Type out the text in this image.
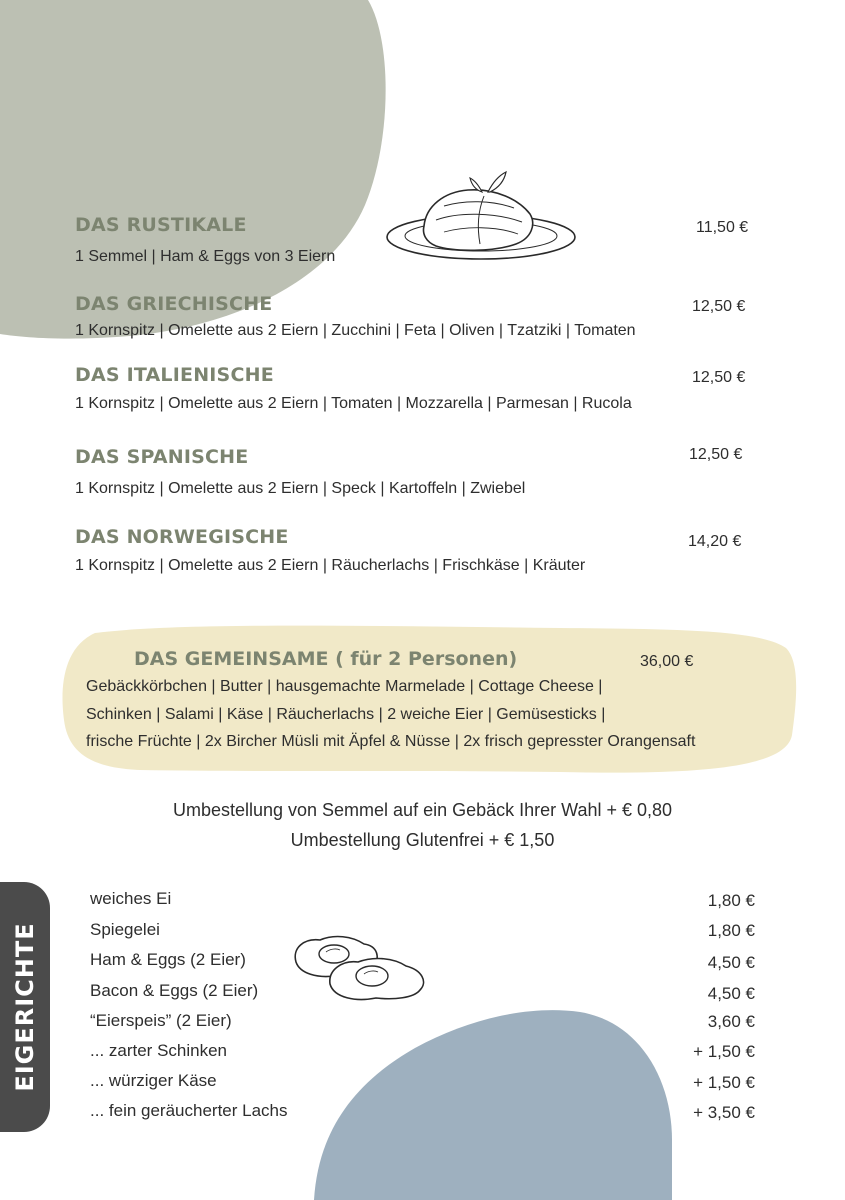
DAS RUSTIKALE	11,50 €
1 Semmel | Ham & Eggs von 3 Eiern
DAS GRIECHISCHE	12,50 €
1 Kornspitz | Omelette aus 2 Eiern | Zucchini | Feta | Oliven | Tzatziki | Tomaten
DAS ITALIENISCHE	12,50 €
1 Kornspitz | Omelette aus 2 Eiern | Tomaten | Mozzarella | Parmesan | Rucola
DAS SPANISCHE	12,50 €
1 Kornspitz | Omelette aus 2 Eiern | Speck | Kartoffeln | Zwiebel
DAS NORWEGISCHE	14,20 €
1 Kornspitz | Omelette aus 2 Eiern | Räucherlachs | Frischkäse | Kräuter
DAS GEMEINSAME ( für 2 Personen)	36,00 €
Gebäckkörbchen | Butter | hausgemachte Marmelade | Cottage Cheese |
Schinken | Salami | Käse | Räucherlachs | 2 weiche Eier | Gemüsesticks |
frische Früchte | 2x Bircher Müsli mit Äpfel & Nüsse | 2x frisch gepresster Orangensaft
Umbestellung von Semmel auf ein Gebäck Ihrer Wahl + € 0,80
Umbestellung Glutenfrei + € 1,50
EIGERICHTE
weiches Ei	1,80 €
Spiegelei	1,80 €
Ham & Eggs (2 Eier)	4,50 €
Bacon & Eggs (2 Eier)	4,50 €
“Eierspeis” (2 Eier)	3,60 €
... zarter Schinken	+ 1,50 €
... würziger Käse	+ 1,50 €
... fein geräucherter Lachs	+ 3,50 €
